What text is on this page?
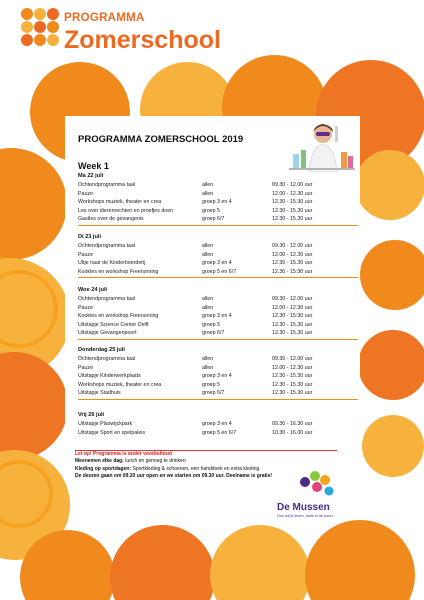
PROGRAMMA
Zomerschool
PROGRAMMA ZOMERSCHOOL 2019
Week 1
Ma 22 juli
Ochtendprogramma taal	allen	09.30 - 12.00 uur
Pauze	allen	12.00 - 12.30 uur
Workshops muziek, theater en crea	groep 3 en 4	12.30 - 15.30 uur
Les over dierenrechten en proefjes doen	groep 5	12.30 - 15.30 uur
Gastles over de gevangenis	groep 6/7	12.30 - 15.30 uur
Di 23 juli
Ochtendprogramma taal	allen	09.30 - 12.00 uur
Pauze	allen	12.00 - 12.30 uur
Uitje naar de Kinderboerderij	groep 3 en 4	12.30 - 15.30 uur
Kookles en workshop Freerunning	groep 5 en 6/7	12.30 - 15:30 uur
Woe 24 juli
Ochtendprogramma taal	allen	09.30 - 12.00 uur
Pauze	allen	12.00 - 12.30 uur
Kookles en workshop Freerunning	groep 3 en 4	12.30 - 15:30 uur
Uitstapje Science Center Delft	groep 5	12.30 - 15.30 uur
Uitstapje Gevangenpoort	groep 6/7	12.30 - 15.30 uur
Donderdag 25 juli
Ochtendprogramma taal	allen	09.30 - 12.00 uur
Pauze	allen	12.00 - 12.30 uur
Uitstapje Kinderwerkplaats	groep 3 en 4	12.30 - 15.30 uur
Workshops muziek, theater en crea	groep 5	12.30 - 15.30 uur
Uitstapje Stadhuis	groep 6/7	12.30 - 15.30 uur
Vrij 26 juli
Uitstapje Plaswijckpark	groep 3 en 4	09.30 - 16.30 uur
Uitstapje Sport en spelpaleis	groep 5 en 6/7	10.30 - 16.00 uur
Let op! Programma is onder voorbehoud
Meenemen elke dag: lunch en genoeg te drinken
Kleding op sportdagen: Sportkleding & schoenen, een handdoek en extra kleding
De deuren gaan om 09.20 uur open en we starten om 09.30 uur. Deelname is gratis!
De Mussen
Hoe wil je leven, thuis in de buurt
